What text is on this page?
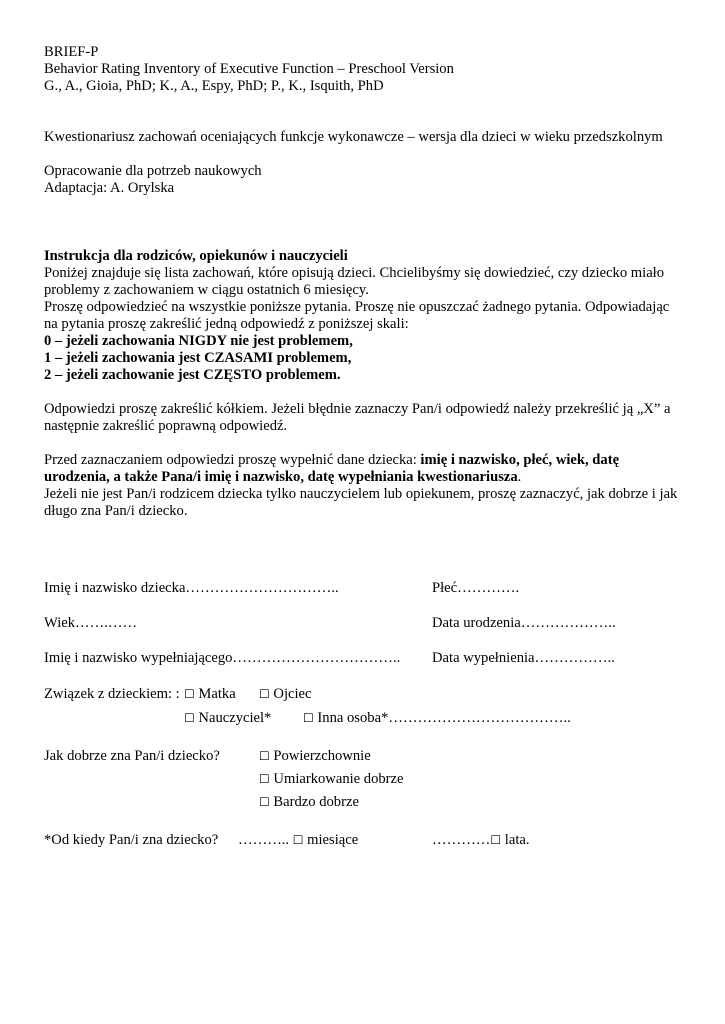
BRIEF-P
Behavior Rating Inventory of Executive Function – Preschool Version
G., A., Gioia, PhD; K., A., Espy, PhD; P., K., Isquith, PhD
Kwestionariusz zachowań oceniających funkcje wykonawcze – wersja dla dzieci w wieku przedszkolnym
Opracowanie dla potrzeb naukowych
Adaptacja: A. Orylska
Instrukcja dla rodziców, opiekunów i nauczycieli
Poniżej znajduje się lista zachowań, które opisują dzieci. Chcielibyśmy się dowiedzieć, czy dziecko miało
problemy z zachowaniem w ciągu ostatnich 6 miesięcy.
Proszę odpowiedzieć na wszystkie poniższe pytania. Proszę nie opuszczać żadnego pytania. Odpowiadając
na pytania proszę zakreślić jedną odpowiedź z poniższej skali:
0 – jeżeli zachowania NIGDY nie jest problemem,
1 – jeżeli zachowania jest CZASAMI problemem,
2 – jeżeli zachowanie jest CZĘSTO problemem.
Odpowiedzi proszę zakreślić kółkiem. Jeżeli błędnie zaznaczy Pan/i odpowiedź należy przekreślić ją „X” a
następnie zakreślić poprawną odpowiedź.
Przed zaznaczaniem odpowiedzi proszę wypełnić dane dziecka: imię i nazwisko, płeć, wiek, datę
urodzenia, a także Pana/i imię i nazwisko, datę wypełniania kwestionariusza.
Jeżeli nie jest Pan/i rodzicem dziecka tylko nauczycielem lub opiekunem, proszę zaznaczyć, jak dobrze i jak
długo zna Pan/i dziecko.
Imię i nazwisko dziecka…………………………..	Płeć………….
Wiek…….……	Data urodzenia………………..
Imię i nazwisko wypełniającego…………………………….. Data wypełnienia……………..
Związek z dzieckiem: : ☐ Matka ☐ Ojciec
☐ Nauczyciel*	☐ Inna osoba*………………………………..
Jak dobrze zna Pan/i dziecko?	☐ Powierzchownie
☐ Umiarkowanie dobrze
☐ Bardzo dobrze
*Od kiedy Pan/i zna dziecko? ……….. ☐ miesiące	…………☐ lata.
